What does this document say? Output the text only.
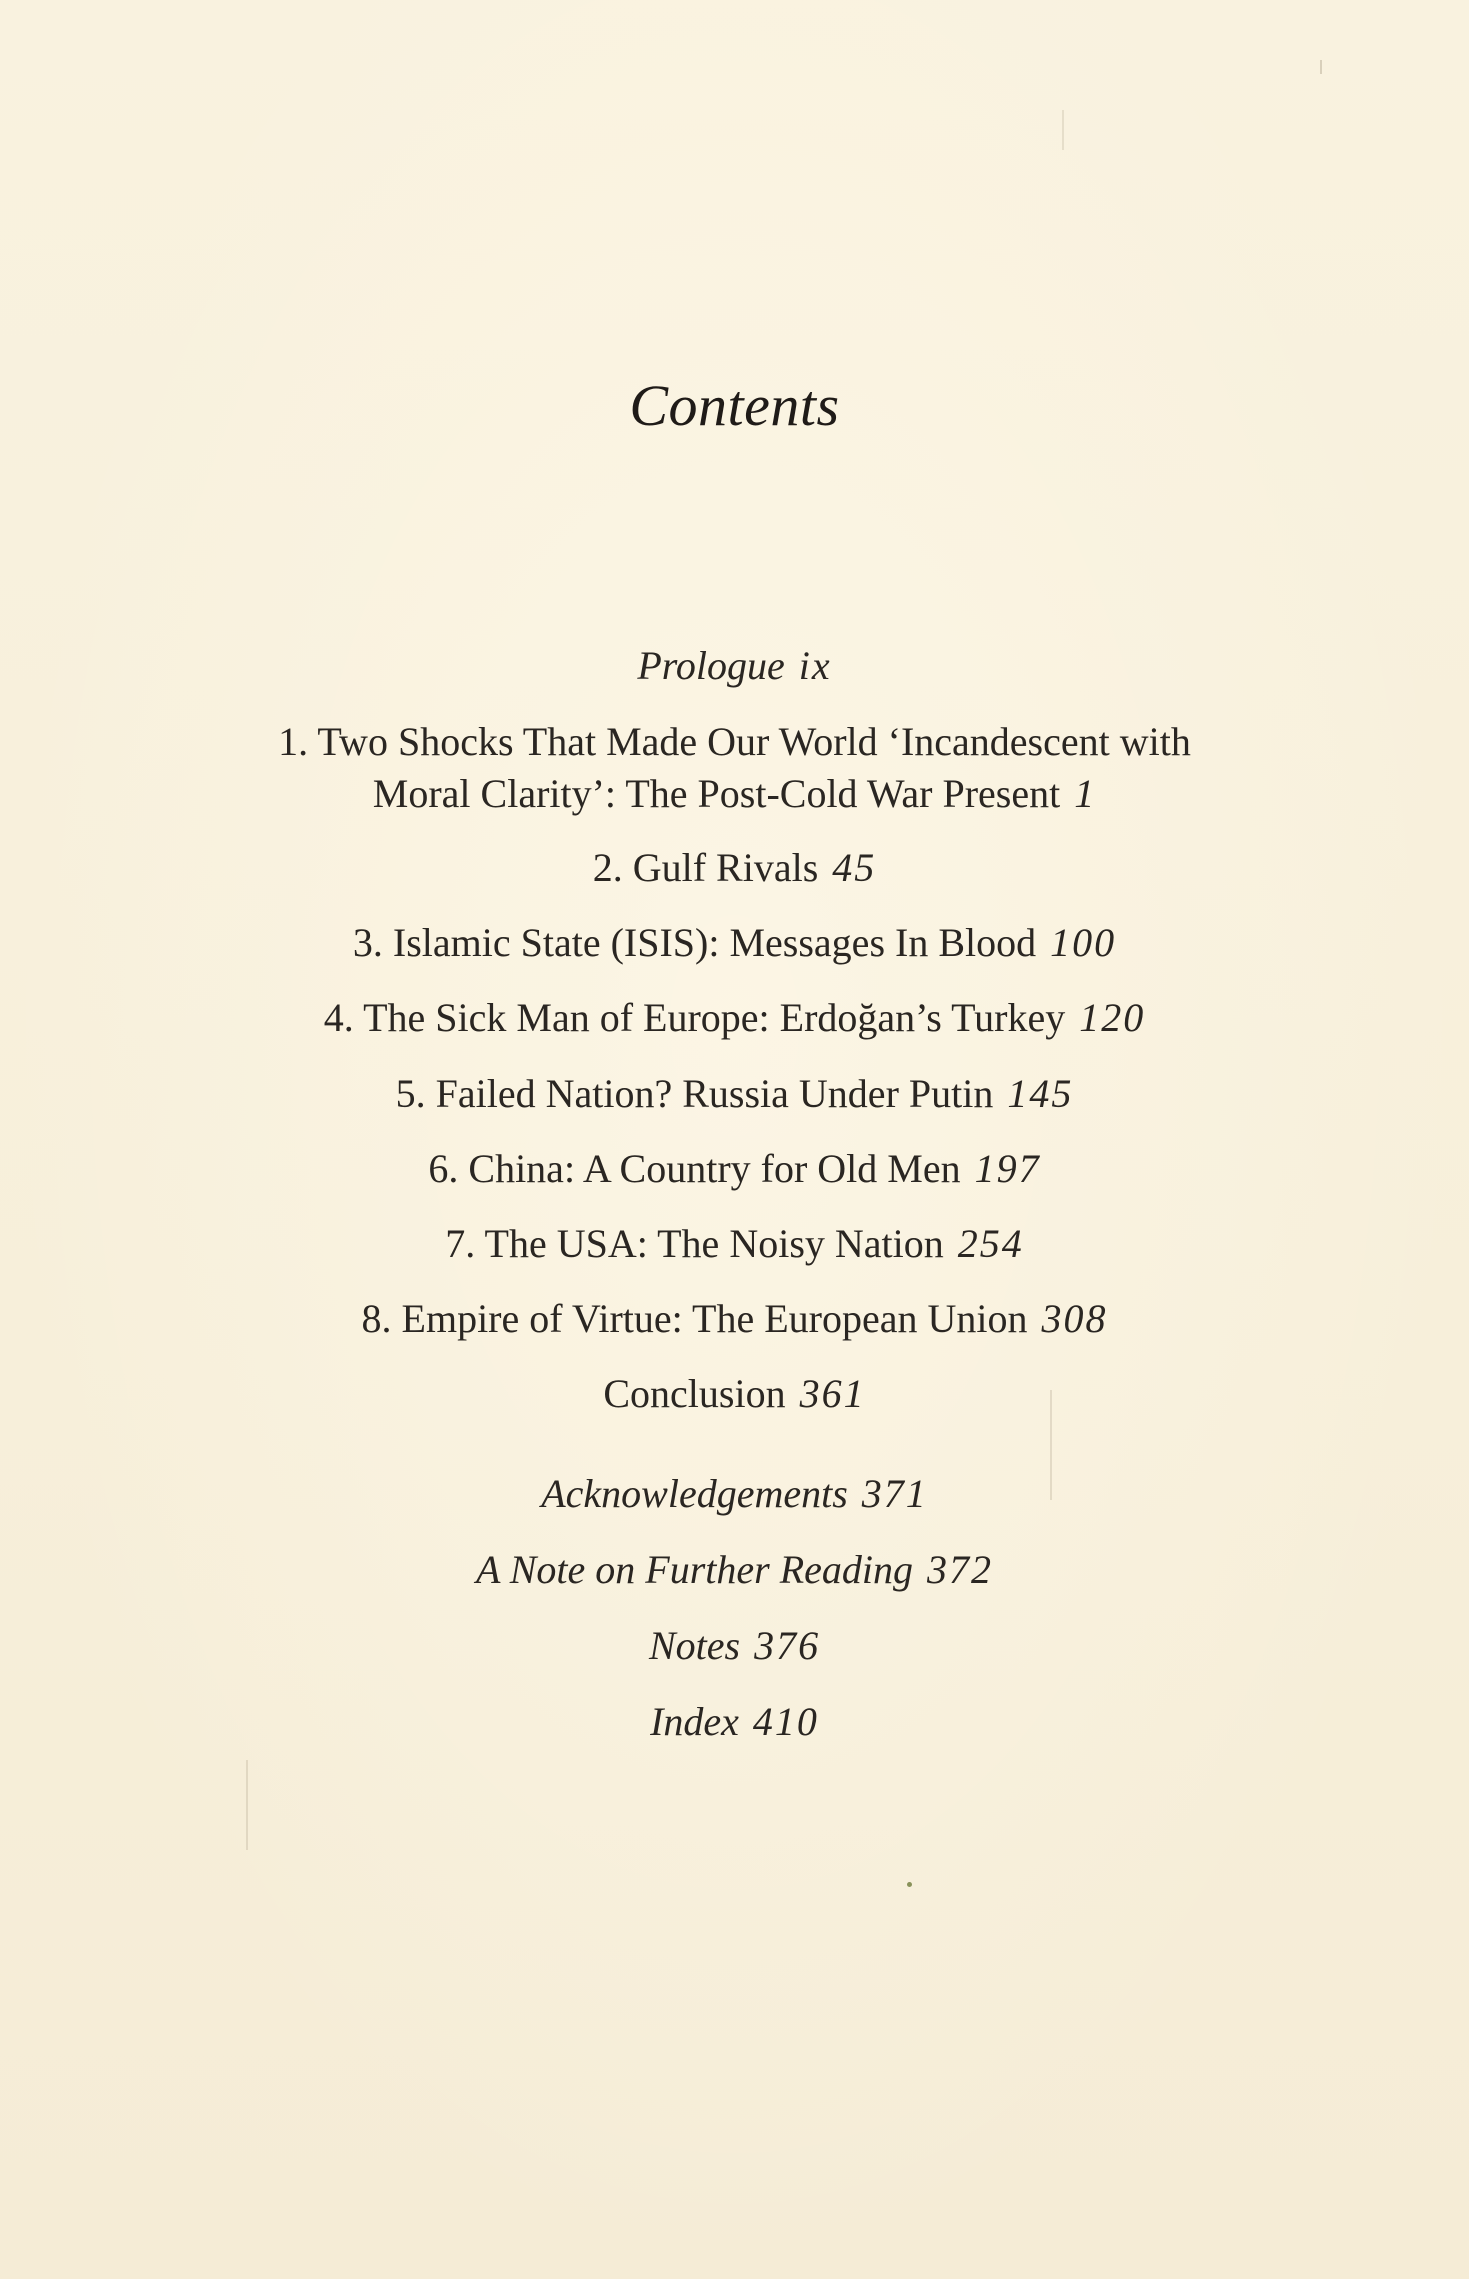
Contents
Prologue ix
1. Two Shocks That Made Our World ‘Incandescent with
Moral Clarity’: The Post-Cold War Present 1
2. Gulf Rivals 45
3. Islamic State (ISIS): Messages In Blood 100
4. The Sick Man of Europe: Erdoğan’s Turkey 120
5. Failed Nation? Russia Under Putin 145
6. China: A Country for Old Men 197
7. The USA: The Noisy Nation 254
8. Empire of Virtue: The European Union 308
Conclusion 361
Acknowledgements 371
A Note on Further Reading 372
Notes 376
Index 410
